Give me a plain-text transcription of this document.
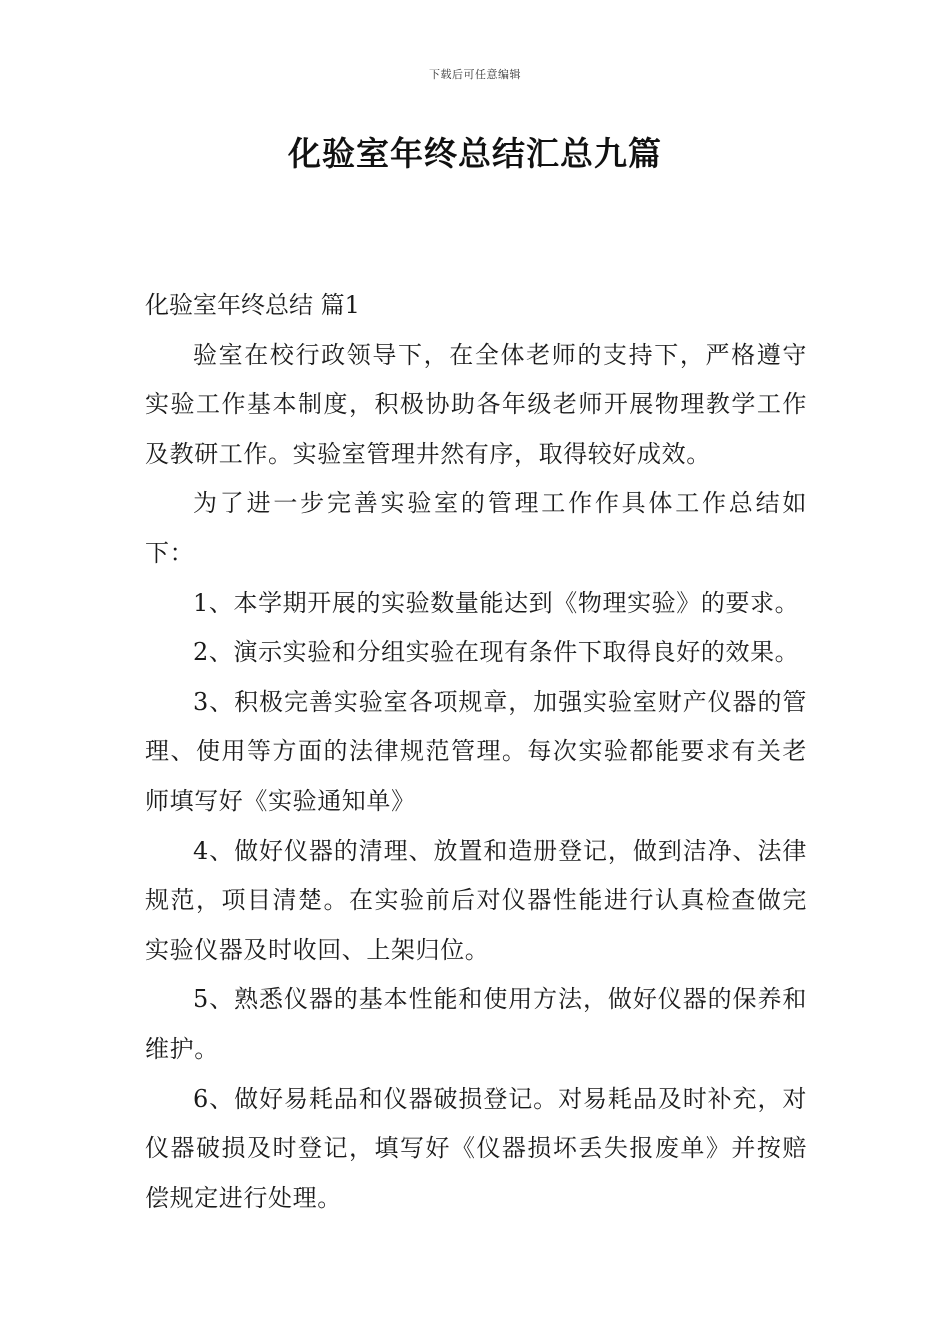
下载后可任意编辑
化验室年终总结汇总九篇

化验室年终总结 篇1

验室在校行政领导下，在全体老师的支持下，严格遵守实验工作基本制度，积极协助各年级老师开展物理教学工作及教研工作。实验室管理井然有序，取得较好成效。

为了进一步完善实验室的管理工作作具体工作总结如下：

1、本学期开展的实验数量能达到《物理实验》的要求。

2、演示实验和分组实验在现有条件下取得良好的效果。

3、积极完善实验室各项规章，加强实验室财产仪器的管理、使用等方面的法律规范管理。每次实验都能要求有关老师填写好《实验通知单》

4、做好仪器的清理、放置和造册登记，做到洁净、法律规范，项目清楚。在实验前后对仪器性能进行认真检查做完实验仪器及时收回、上架归位。

5、熟悉仪器的基本性能和使用方法，做好仪器的保养和维护。

6、做好易耗品和仪器破损登记。对易耗品及时补充，对仪器破损及时登记，填写好《仪器损坏丢失报废单》并按赔偿规定进行处理。
